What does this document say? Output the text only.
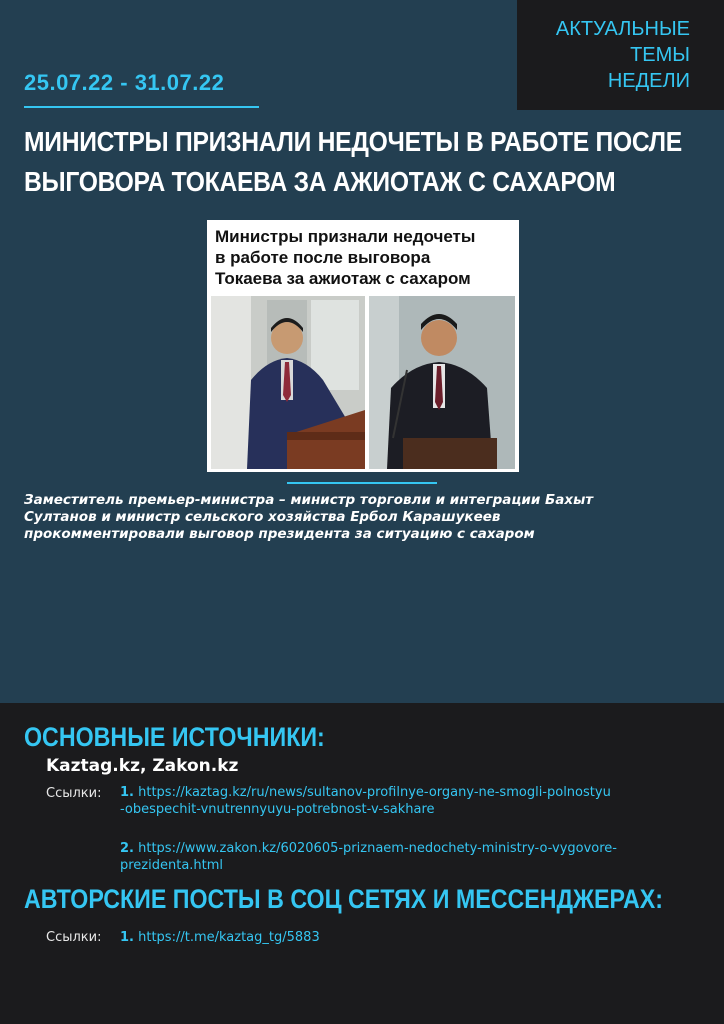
АКТУАЛЬНЫЕ ТЕМЫ
НЕДЕЛИ
25.07.22 - 31.07.22
МИНИСТРЫ ПРИЗНАЛИ НЕДОЧЕТЫ В РАБОТЕ ПОСЛЕ
ВЫГОВОРА ТОКАЕВА ЗА АЖИОТАЖ С САХАРОМ
Министры признали недочеты
в работе после выговора
Токаева за ажиотаж с сахаром
Заместитель премьер-министра – министр торговли и интеграции Бахыт
Султанов и министр сельского хозяйства Ербол Карашукеев
прокомментировали выговор президента за ситуацию с сахаром
ОСНОВНЫЕ ИСТОЧНИКИ:
Kaztag.kz, Zakon.kz
Ссылки: 1. https://kaztag.kz/ru/news/sultanov-profilnye-organy-ne-smogli-polnostyu
-obespechit-vnutrennyuyu-potrebnost-v-sakhare
2. https://www.zakon.kz/6020605-priznaem-nedochety-ministry-o-vygovore-
prezidenta.html
АВТОРСКИЕ ПОСТЫ В СОЦ СЕТЯХ И МЕССЕНДЖЕРАХ:
Ссылки: 1. https://t.me/kaztag_tg/5883
